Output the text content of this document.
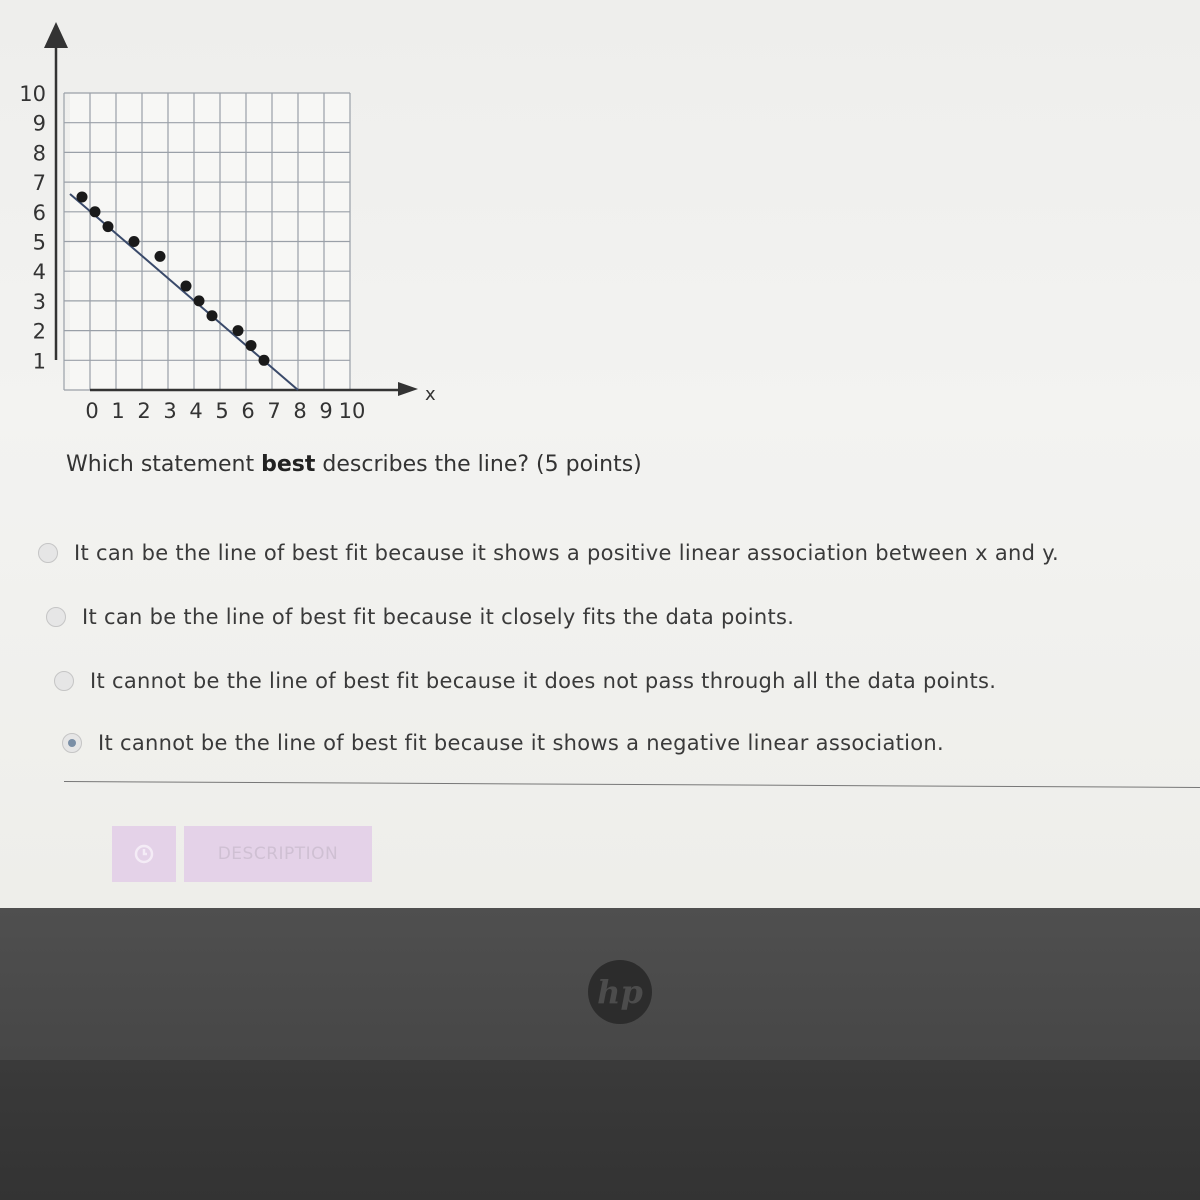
1
2
3
4
5
6
7
8
9
10
0 1 2 3 4 5 6 7 8 9 10
x
Which statement best describes the line? (5 points)
It can be the line of best fit because it shows a positive linear association between x and y.
It can be the line of best fit because it closely fits the data points.
It cannot be the line of best fit because it does not pass through all the data points.
It cannot be the line of best fit because it shows a negative linear association.
DESCRIPTION
hp
